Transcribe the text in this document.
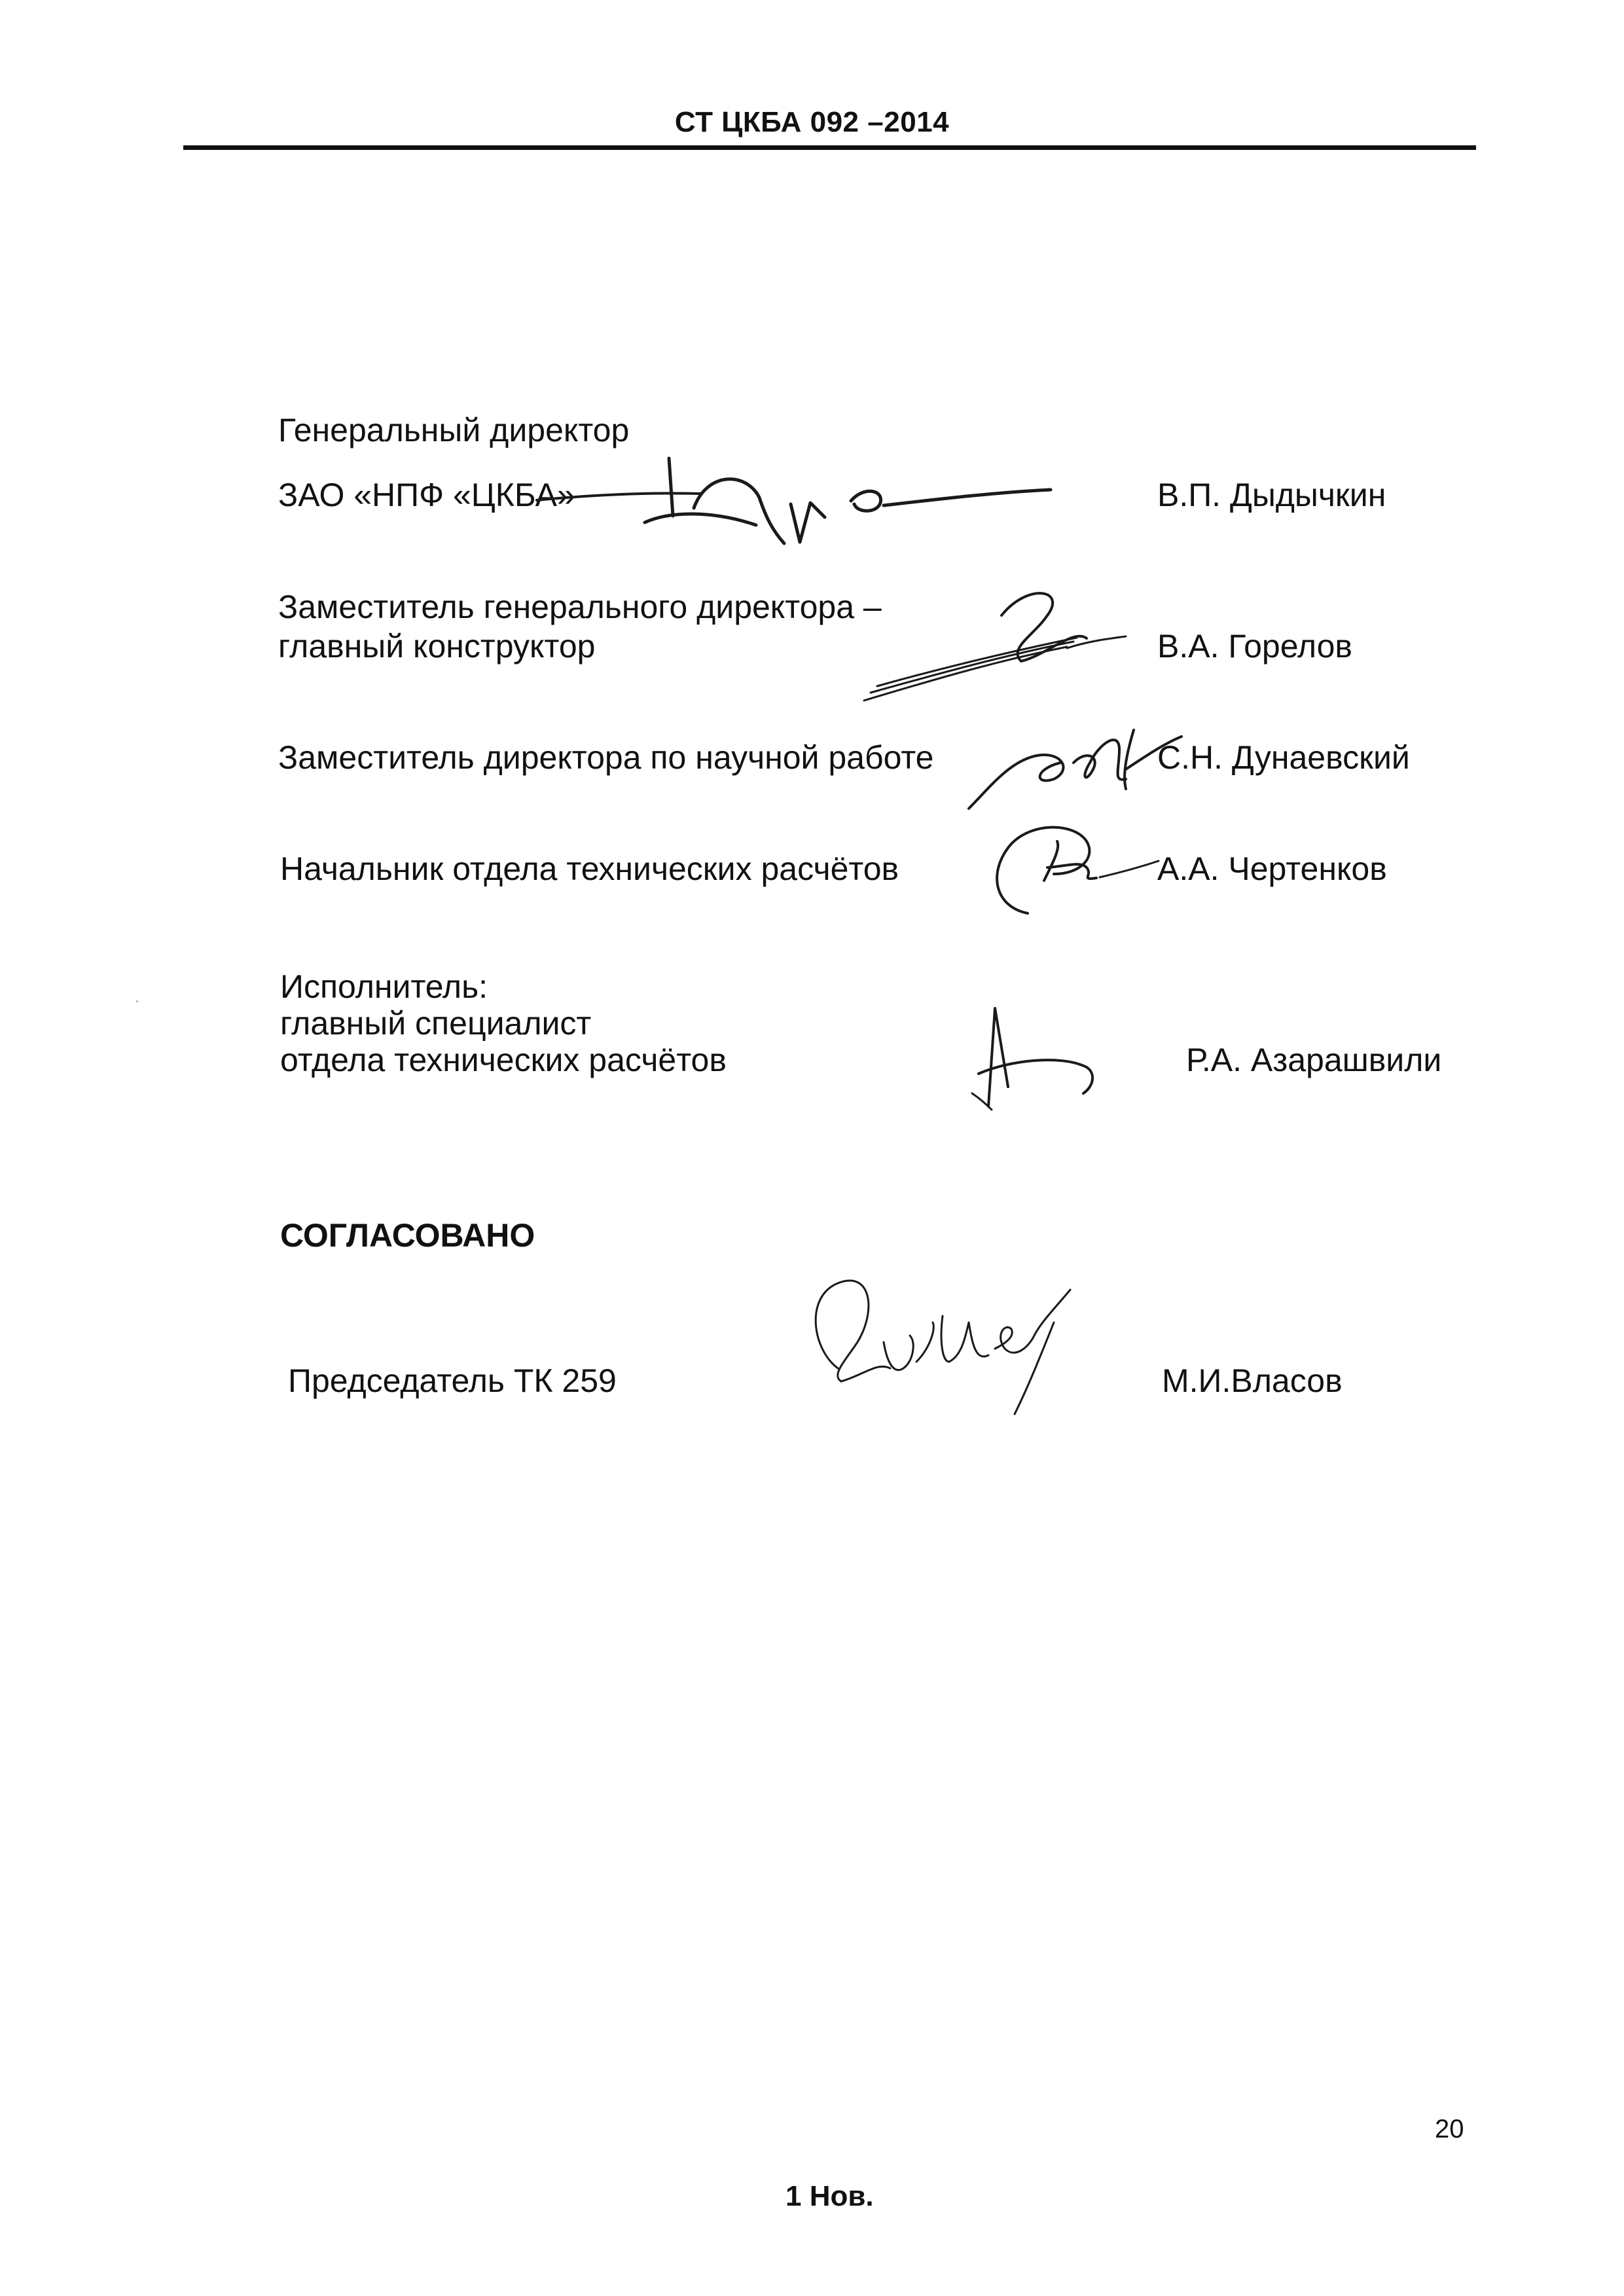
СТ ЦКБА 092 –2014
Генеральный директор
ЗАО «НПФ «ЦКБА»	В.П. Дыдычкин
Заместитель генерального директора –
главный конструктор	В.А. Горелов
Заместитель директора по научной работе	С.Н. Дунаевский
Начальник отдела технических расчётов	А.А. Чертенков
Исполнитель:
главный специалист
отдела технических расчётов	Р.А. Азарашвили
СОГЛАСОВАНО
Председатель ТК 259	М.И.Власов
20
1 Нов.
